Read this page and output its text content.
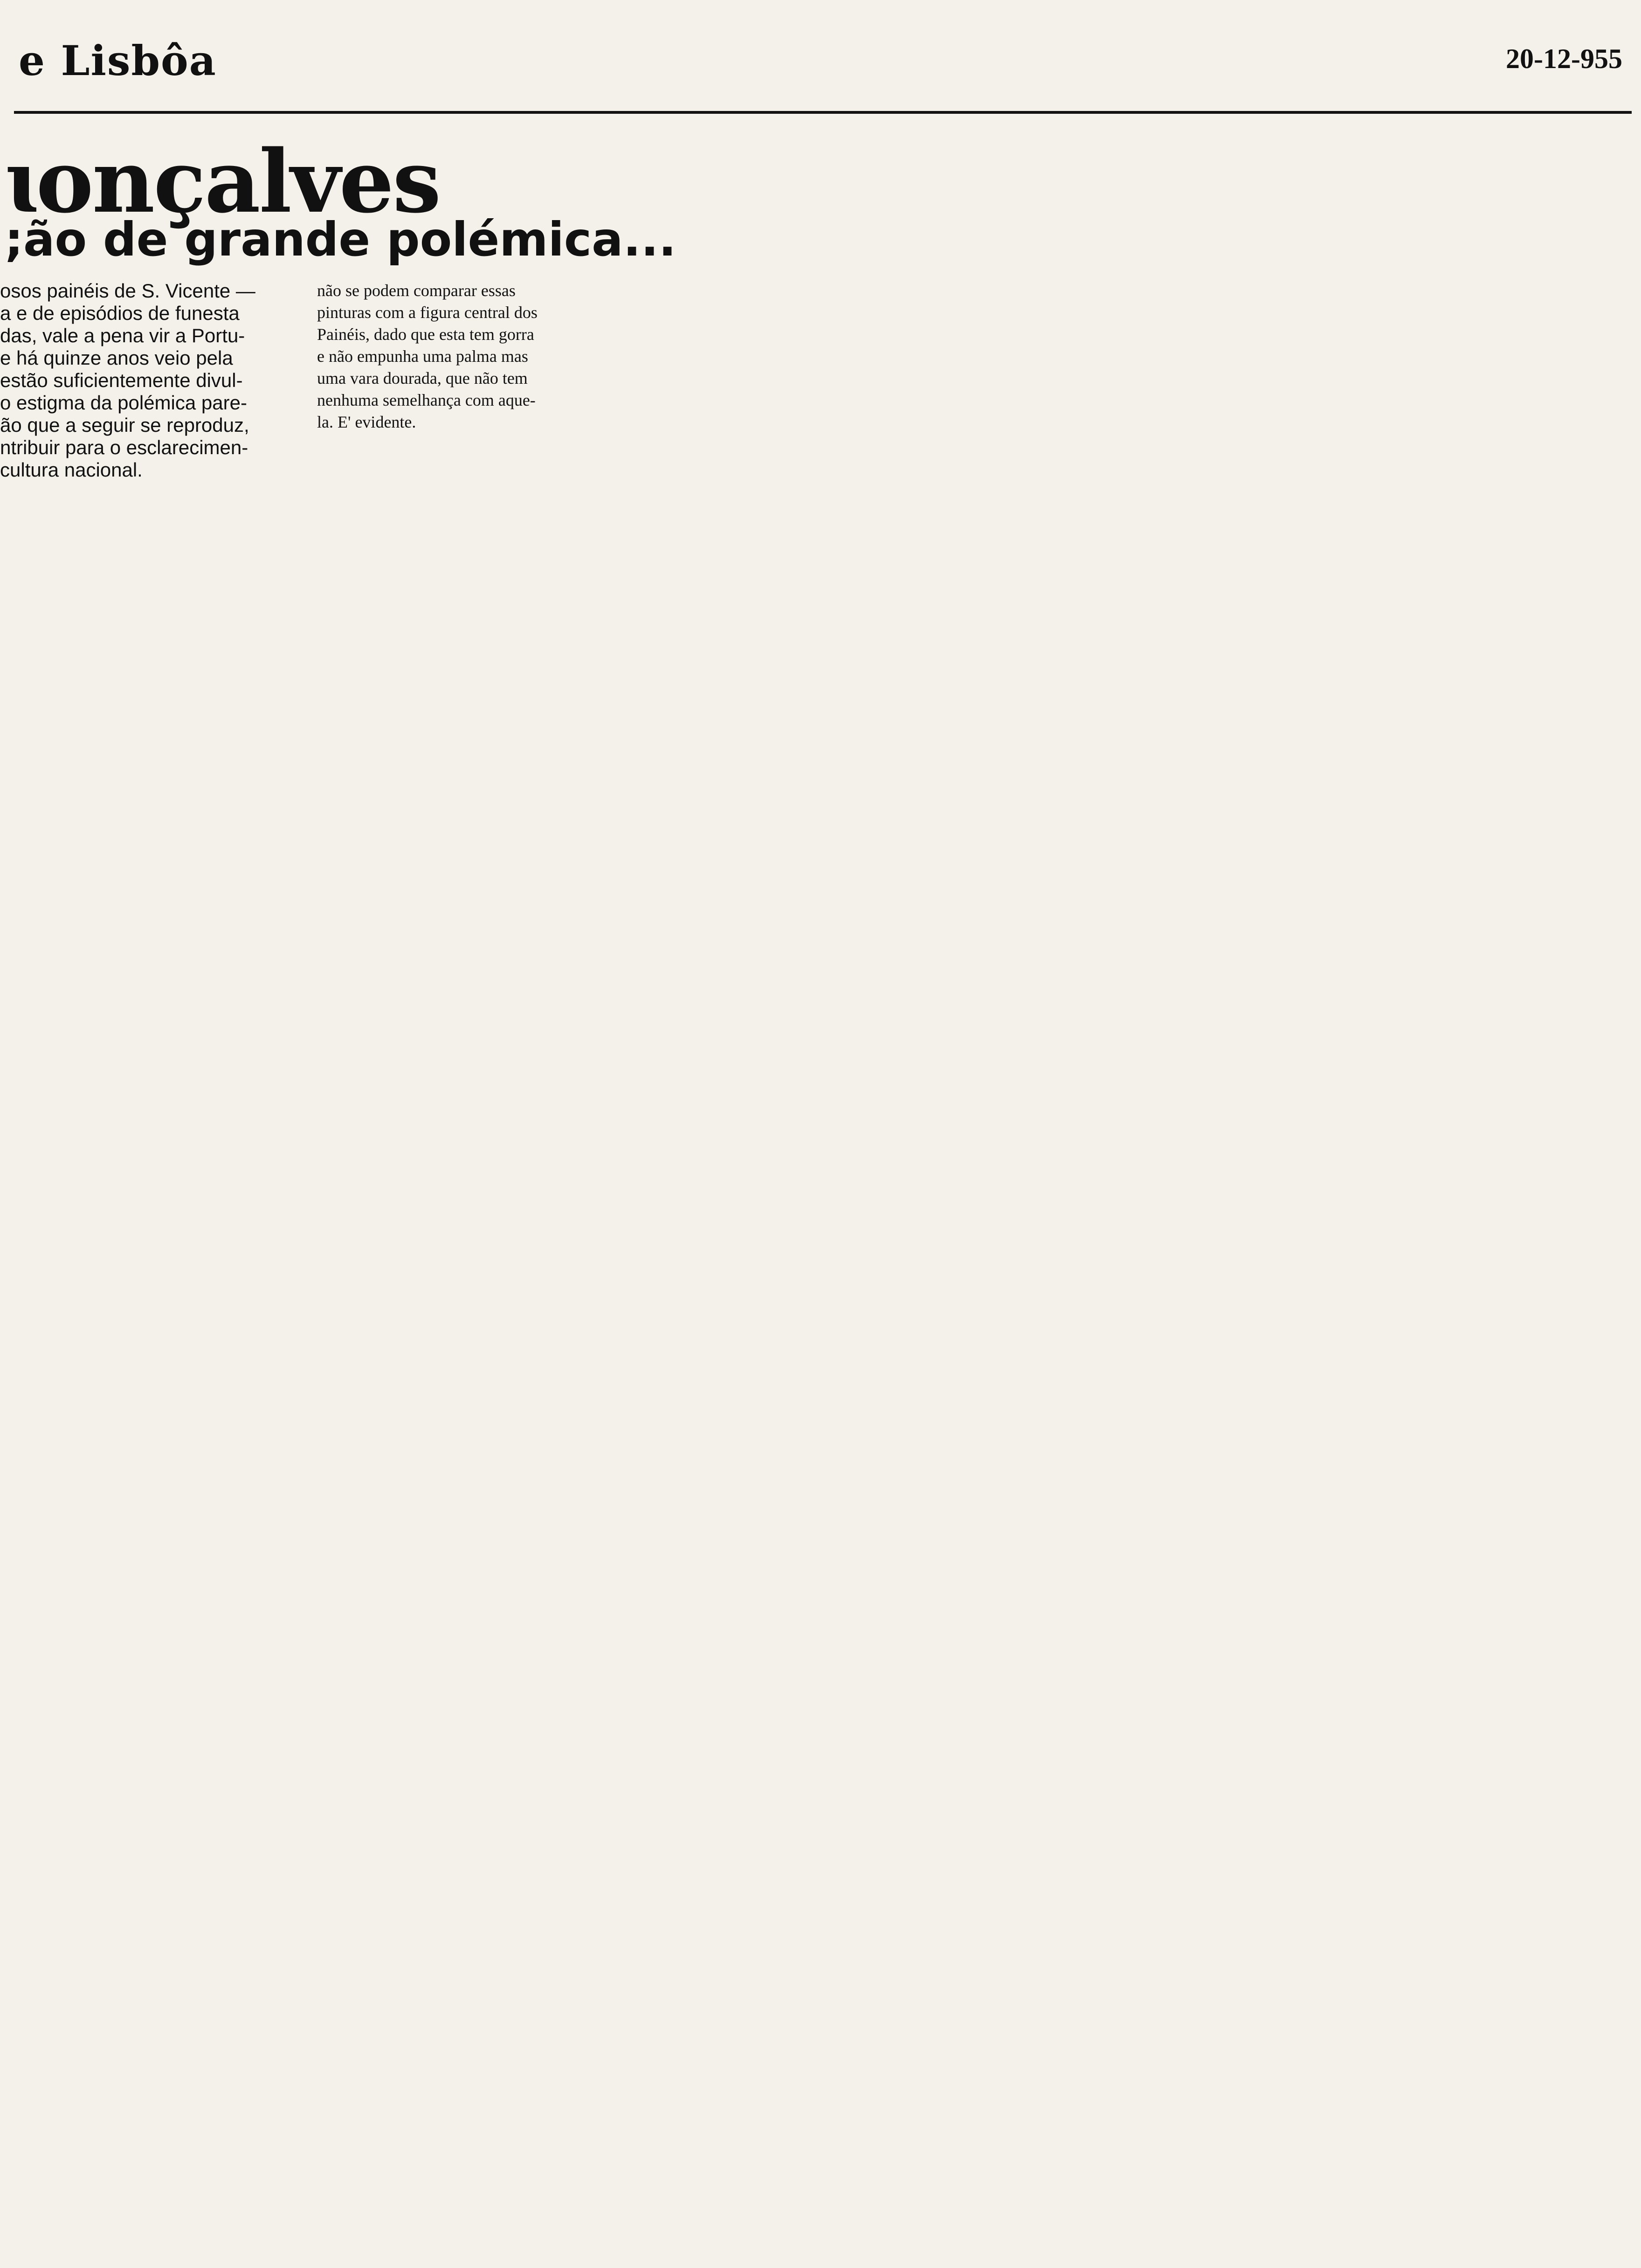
e Lisbôa	20-12-955
ɩonçalves
;ão de grande polémica...
osos painéis de S. Vicente —
a e de episódios de funesta
das, vale a pena vir a Portu-
e há quinze anos veio pela
estão suficientemente divul-
o estigma da polémica pare-
ão que a seguir se reproduz,
ntribuir para o esclarecimen-
cultura nacional.
não se podem comparar essas
pinturas com a figura central dos
Painéis, dado que esta tem gorra
e não empunha uma palma mas
uma vara dourada, que não tem
nenhuma semelhança com aque-
la. E' evidente.
